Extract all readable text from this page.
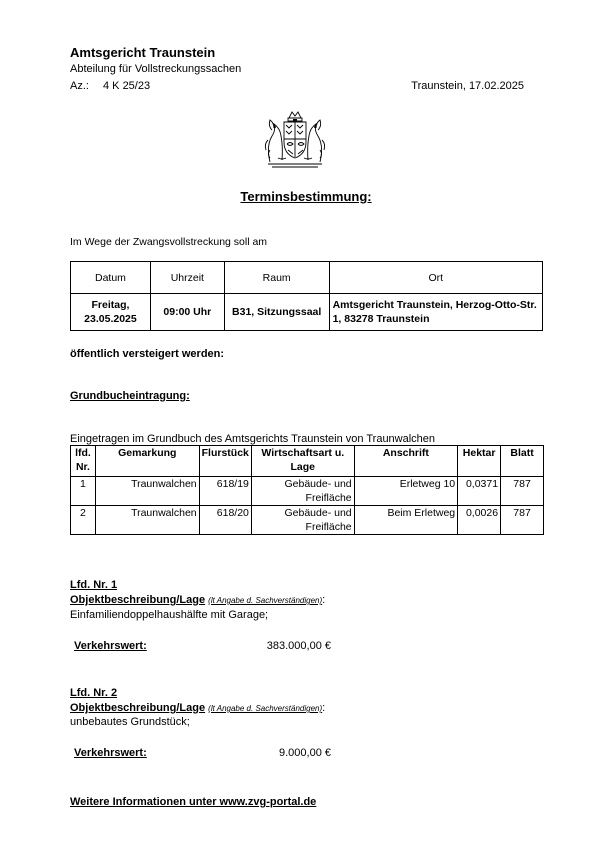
Amtsgericht Traunstein
Abteilung für Vollstreckungssachen
Az.: 4 K 25/23	Traunstein, 17.02.2025
Terminsbestimmung:
Im Wege der Zwangsvollstreckung soll am
Datum	Uhrzeit	Raum	Ort
Freitag, 23.05.2025	09:00 Uhr	B31, Sitzungssaal	Amtsgericht Traunstein, Herzog-Otto-Str. 1, 83278 Traunstein
öffentlich versteigert werden:
Grundbucheintragung:
Eingetragen im Grundbuch des Amtsgerichts Traunstein von Traunwalchen
lfd. Nr.	Gemarkung	Flurstück	Wirtschaftsart u. Lage	Anschrift	Hektar	Blatt
1	Traunwalchen	618/19	Gebäude- und Freifläche	Erletweg 10	0,0371	787
2	Traunwalchen	618/20	Gebäude- und Freifläche	Beim Erletweg	0,0026	787
Lfd. Nr. 1
Objektbeschreibung/Lage (lt Angabe d. Sachverständigen):
Einfamiliendoppelhaushälfte mit Garage;
Verkehrswert:	383.000,00 €
Lfd. Nr. 2
Objektbeschreibung/Lage (lt Angabe d. Sachverständigen):
unbebautes Grundstück;
Verkehrswert:	9.000,00 €
Weitere Informationen unter www.zvg-portal.de
